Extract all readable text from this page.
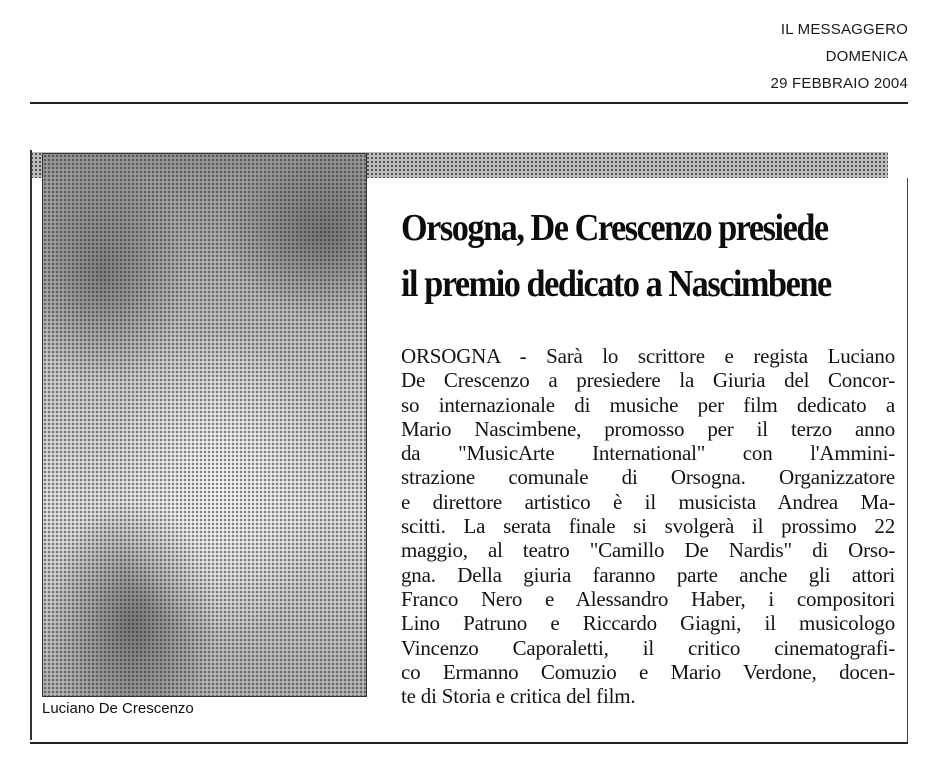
IL MESSAGGERO
DOMENICA
29 FEBBRAIO 2004
Luciano De Crescenzo
Orsogna, De Crescenzo presiede
il premio dedicato a Nascimbene
ORSOGNA - Sarà lo scrittore e regista Luciano
De Crescenzo a presiedere la Giuria del Concor-
so internazionale di musiche per film dedicato a
Mario Nascimbene, promosso per il terzo anno
da "MusicArte International" con l'Ammini-
strazione comunale di Orsogna. Organizzatore
e direttore artistico è il musicista Andrea Ma-
scitti. La serata finale si svolgerà il prossimo 22
maggio, al teatro "Camillo De Nardis" di Orso-
gna. Della giuria faranno parte anche gli attori
Franco Nero e Alessandro Haber, i compositori
Lino Patruno e Riccardo Giagni, il musicologo
Vincenzo Caporaletti, il critico cinematografi-
co Ermanno Comuzio e Mario Verdone, docen-
te di Storia e critica del film.
